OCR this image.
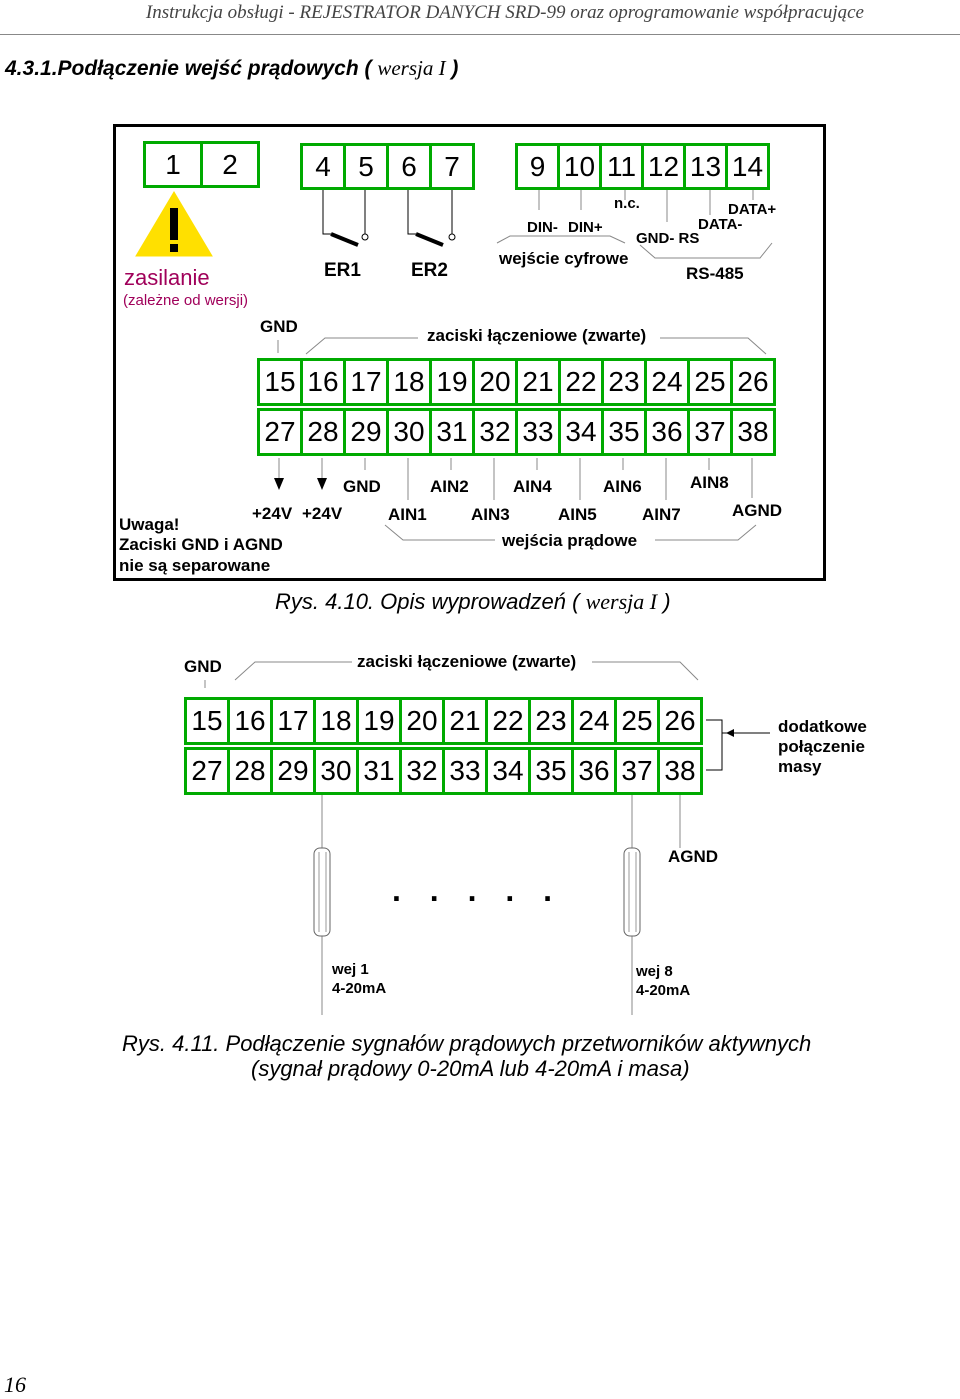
Instrukcja obsługi - REJESTRATOR DANYCH SRD-99 oraz oprogramowanie współpracujące
4.3.1.Podłączenie wejść prądowych ( wersja I )
1	2	4 5 6 7	9 10 11 12 13 14
15 16 17 18 19 20 21 22 23 24 25 26
27 28 29 30 31 32 33 34 35 36 37 38
zasilanie
(zależne od wersji)
ER1	ER2
n.c.
DIN- DIN+
GND- RS
DATA+
DATA-
wejście cyfrowe
RS-485
GND	zaciski łączeniowe (zwarte)
GND	AIN2	AIN4	AIN6	AIN8
+24V +24V	AIN1	AIN3	AIN5	AIN7	AGND
wejścia prądowe
Uwaga!
Zaciski GND i AGND
nie są separowane
Rys. 4.10. Opis wyprowadzeń ( wersja I )
GND	zaciski łączeniowe (zwarte)
15 16 17 18 19 20 21 22 23 24 25 26
27 28 29 30 31 32 33 34 35 36 37 38
dodatkowe
połączenie
masy
AGND
. . . . .
wej 1
4-20mA
wej 8
4-20mA
Rys. 4.11. Podłączenie sygnałów prądowych przetworników aktywnych
(sygnał prądowy 0-20mA lub 4-20mA i masa)
16
